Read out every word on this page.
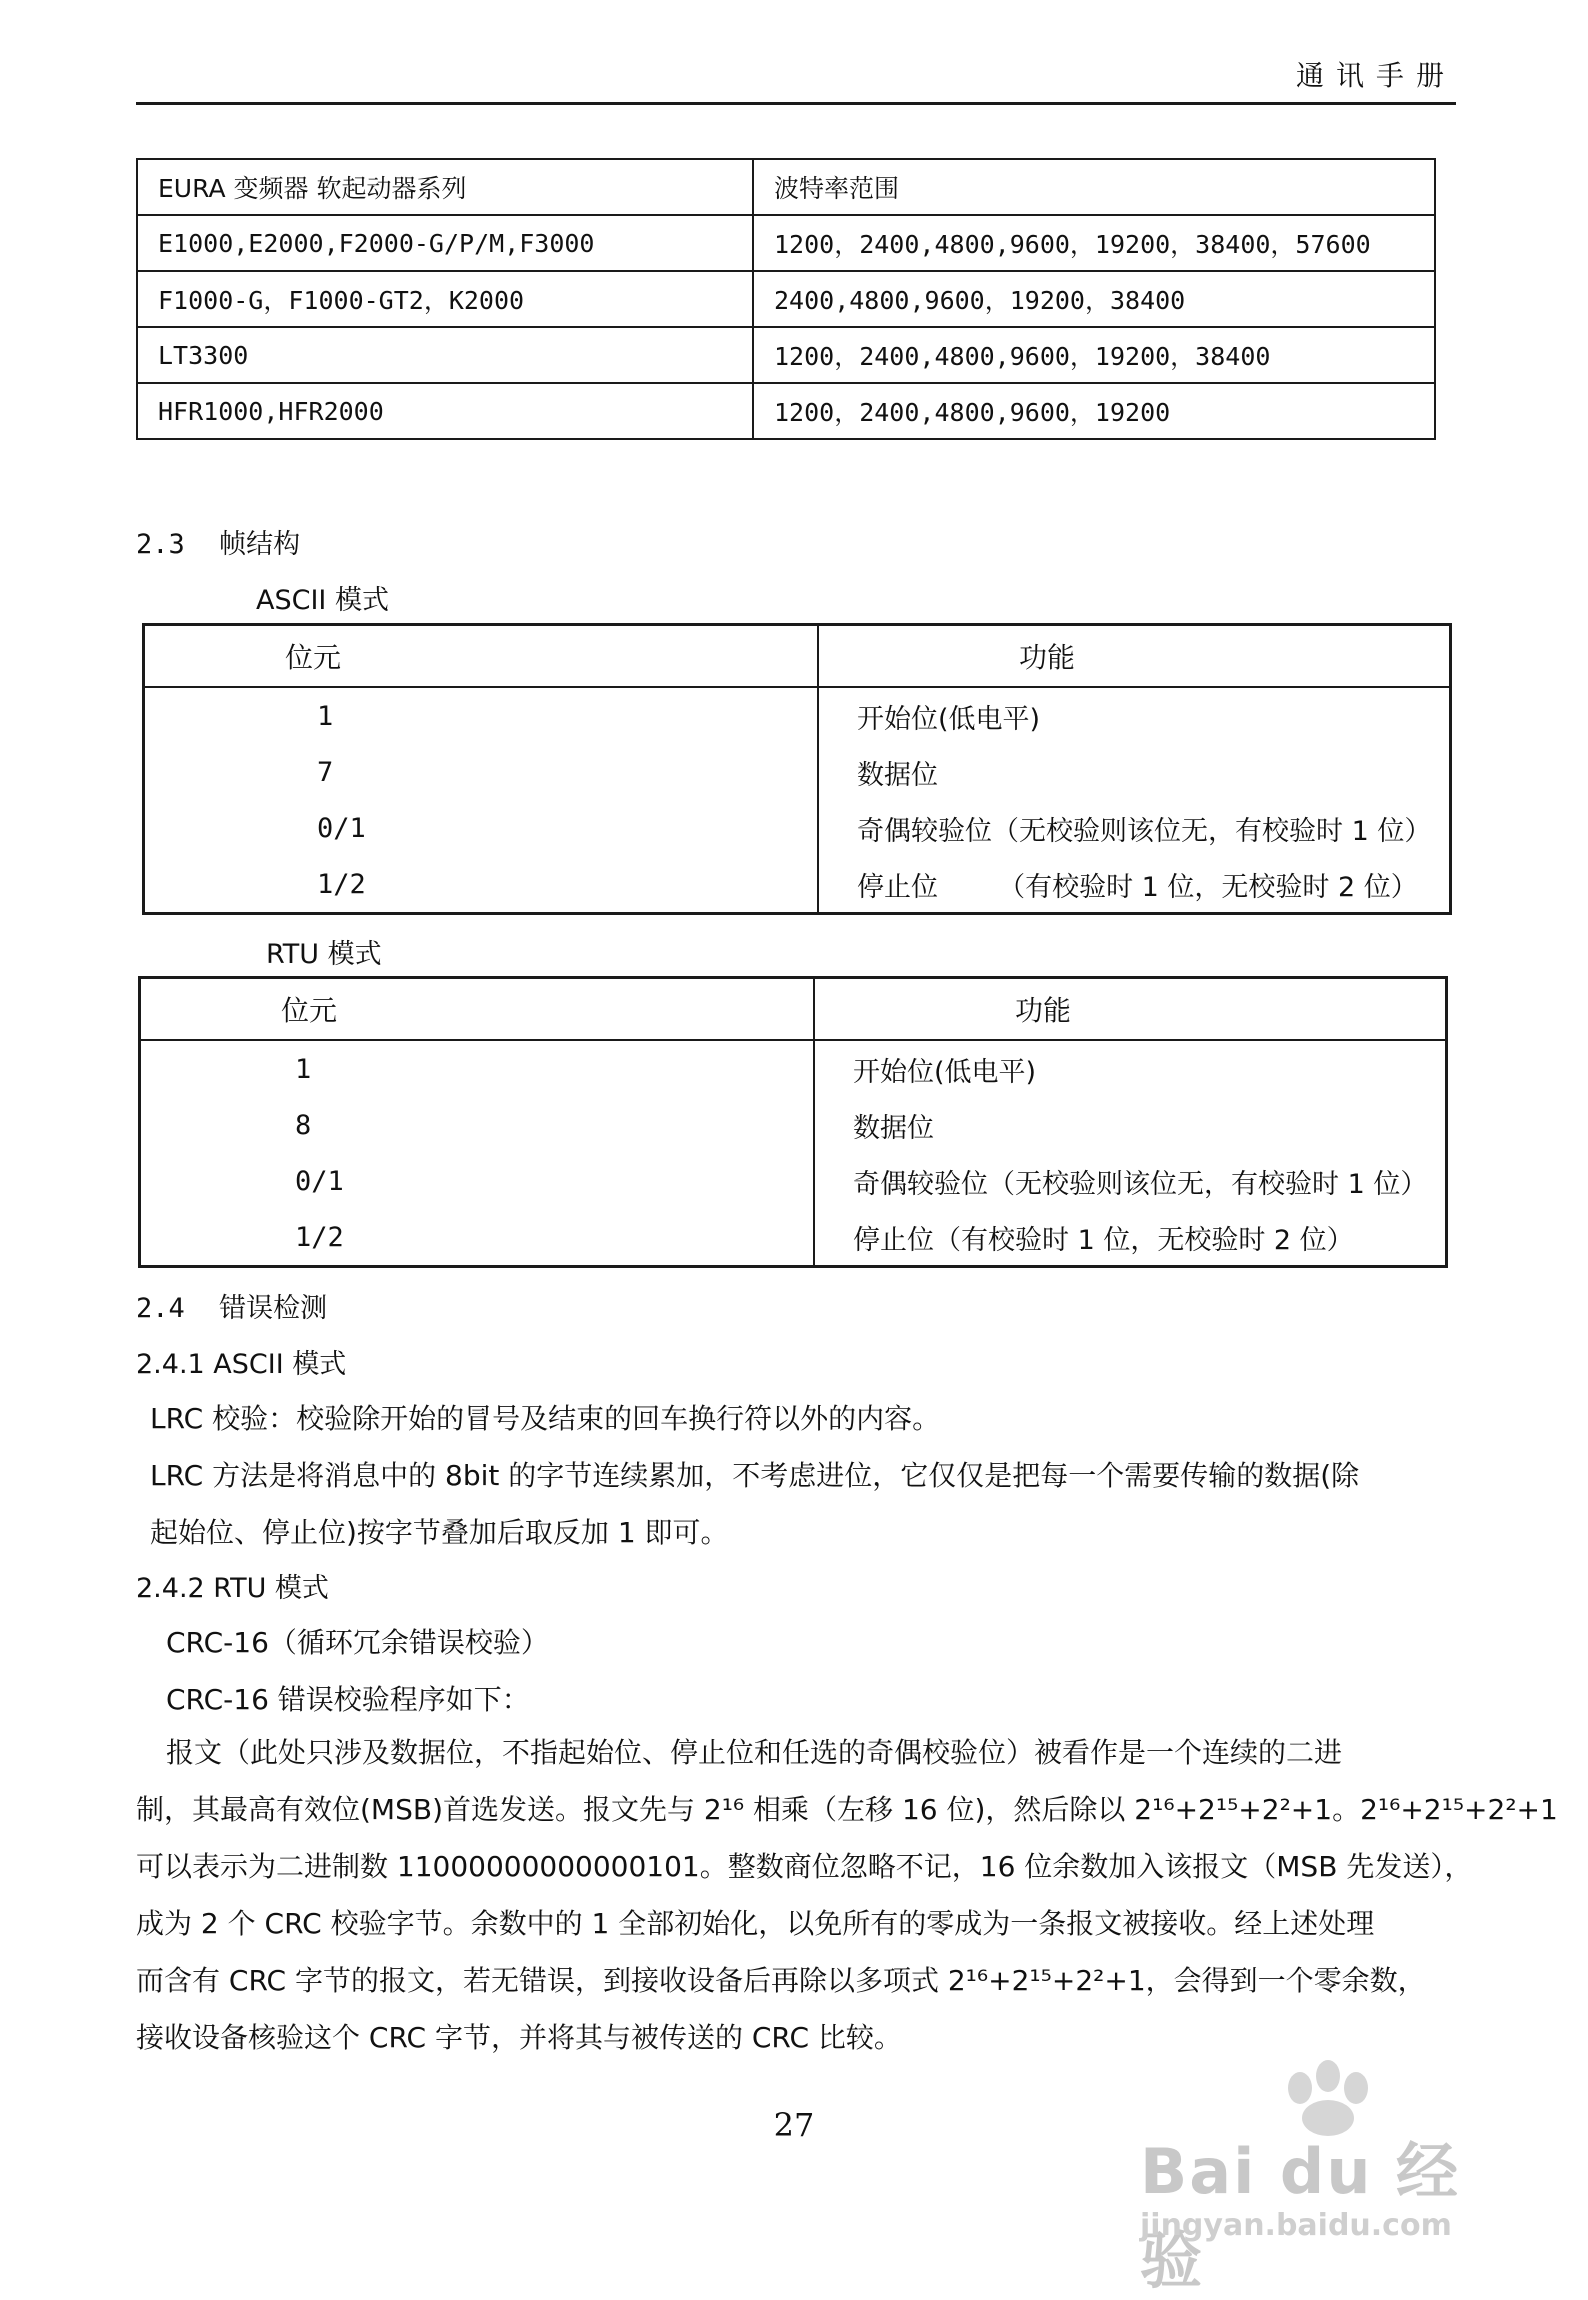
通讯手册
EURA 变频器 软起动器系列	波特率范围
E1000,E2000,F2000-G/P/M,F3000	1200，2400,4800,9600，19200，38400，57600
F1000-G，F1000-GT2，K2000	2400,4800,9600，19200，38400
LT3300	1200，2400,4800,9600，19200，38400
HFR1000,HFR2000	1200，2400,4800,9600，19200
2.3 帧结构
ASCII 模式
位元	功能
1	开始位(低电平)
7	数据位
0/1	奇偶较验位（无校验则该位无，有校验时 1 位）
1/2	停止位       （有校验时 1 位，无校验时 2 位）
RTU 模式
位元	功能
1	开始位(低电平)
8	数据位
0/1	奇偶较验位（无校验则该位无，有校验时 1 位）
1/2	停止位（有校验时 1 位，无校验时 2 位）
2.4 错误检测
2.4.1 ASCII 模式

LRC 校验：校验除开始的冒号及结束的回车换行符以外的内容。

LRC 方法是将消息中的 8bit 的字节连续累加，不考虑进位，它仅仅是把每一个需要传输的数据(除

起始位、停止位)按字节叠加后取反加 1 即可。

2.4.2 RTU 模式

CRC-16（循环冗余错误校验）

CRC-16 错误校验程序如下：

报文（此处只涉及数据位，不指起始位、停止位和任选的奇偶校验位）被看作是一个连续的二进

制，其最高有效位(MSB)首选发送。报文先与 2¹⁶ 相乘（左移 16 位)，然后除以 2¹⁶+2¹⁵+2²+1。2¹⁶+2¹⁵+2²+1

可以表示为二进制数 11000000000000101。整数商位忽略不记，16 位余数加入该报文（MSB 先发送），

成为 2 个 CRC 校验字节。余数中的 1 全部初始化，以免所有的零成为一条报文被接收。经上述处理

而含有 CRC 字节的报文，若无错误，到接收设备后再除以多项式 2¹⁶+2¹⁵+2²+1，会得到一个零余数，

接收设备核验这个 CRC 字节，并将其与被传送的 CRC 比较。

27
Bai du 经验
jingyan.baidu.com
